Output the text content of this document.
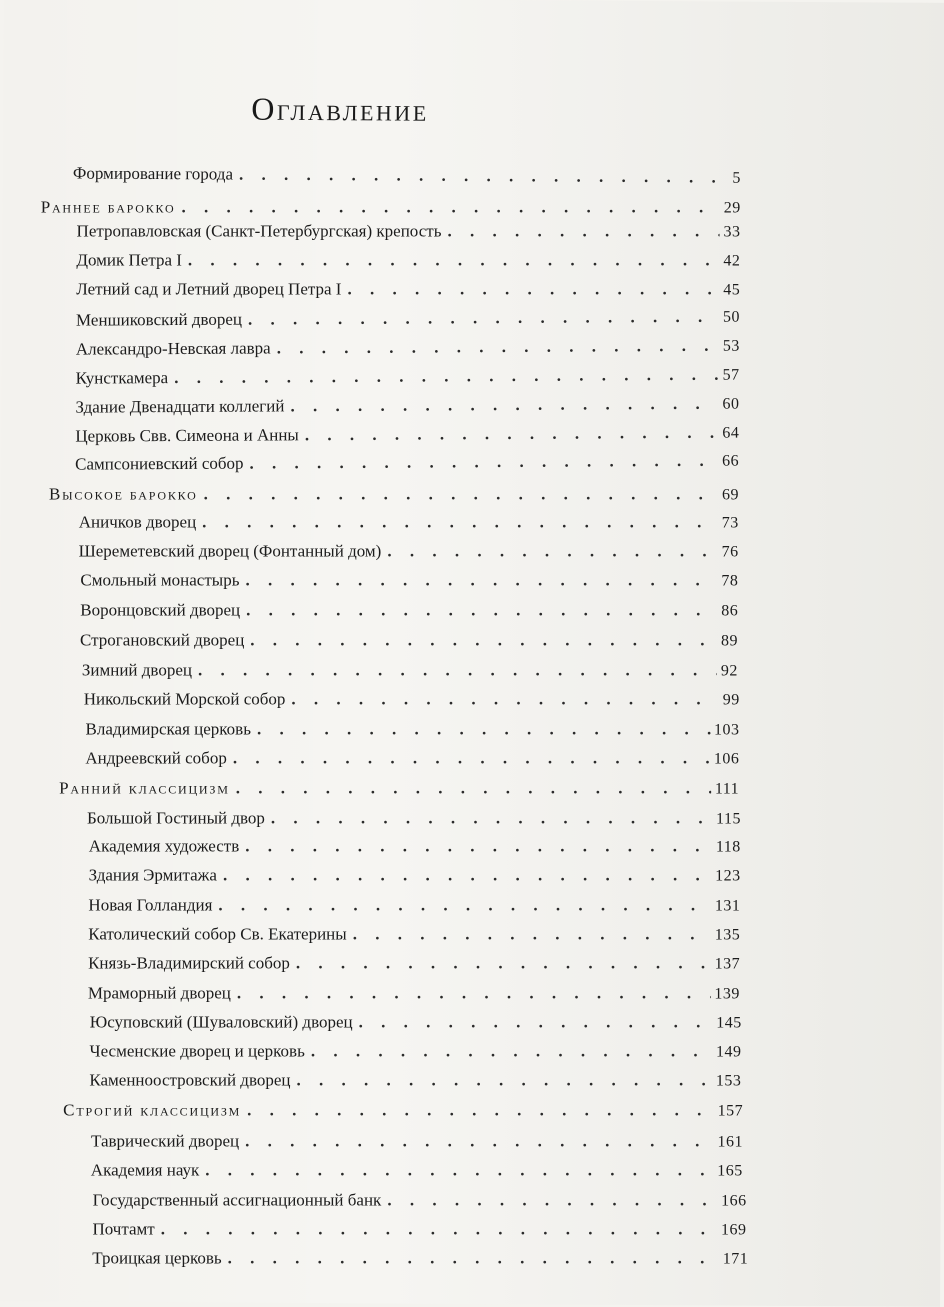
Оглавление
Формирование города . . .	5
Раннее барокко . . .	29
Петропавловская (Санкт-Петербургская) крепость . . .	33
Домик Петра I . . .	42
Летний сад и Летний дворец Петра I . . .	45
Меншиковский дворец . . .	50
Александро-Невская лавра . . .	53
Кунсткамера . . .	57
Здание Двенадцати коллегий . . .	60
Церковь Свв. Симеона и Анны . . .	64
Сампсониевский собор . . .	66
Высокое барокко . . .	69
Аничков дворец . . .	73
Шереметевский дворец (Фонтанный дом) . . .	76
Смольный монастырь . . .	78
Воронцовский дворец . . .	86
Строгановский дворец . . .	89
Зимний дворец . . .	92
Никольский Морской собор . . .	99
Владимирская церковь . . .	103
Андреевский собор . . .	106
Ранний классицизм . . .	111
Большой Гостиный двор . . .	115
Академия художеств . . .	118
Здания Эрмитажа . . .	123
Новая Голландия . . .	131
Католический собор Св. Екатерины . . .	135
Князь-Владимирский собор . . .	137
Мраморный дворец . . .	139
Юсуповский (Шуваловский) дворец . . .	145
Чесменские дворец и церковь . . .	149
Каменноостровский дворец . . .	153
Строгий классицизм . . .	157
Таврический дворец . . .	161
Академия наук . . .	165
Государственный ассигнационный банк . . .	166
Почтамт . . .	169
Троицкая церковь . . .	171
